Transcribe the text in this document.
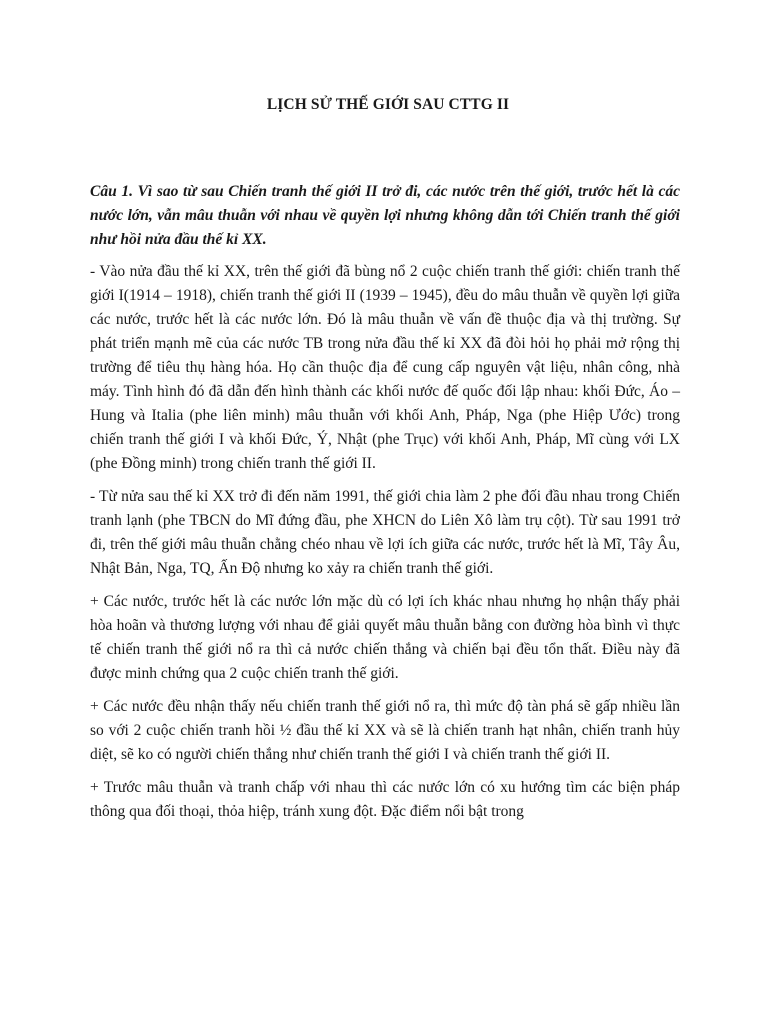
LỊCH SỬ THẾ GIỚI SAU CTTG II

Câu 1. Vì sao từ sau Chiến tranh thế giới II trở đi, các nước trên thế giới, trước hết là các nước lớn, vẫn mâu thuẫn với nhau về quyền lợi nhưng không dẫn tới Chiến tranh thế giới như hồi nửa đầu thế kỉ XX.

- Vào nửa đầu thế kỉ XX, trên thế giới đã bùng nổ 2 cuộc chiến tranh thế giới: chiến tranh thế giới I(1914 – 1918), chiến tranh thế giới II (1939 – 1945), đều do mâu thuẫn về quyền lợi giữa các nước, trước hết là các nước lớn. Đó là mâu thuẫn về vấn đề thuộc địa và thị trường. Sự phát triển mạnh mẽ của các nước TB trong nửa đầu thế kỉ XX đã đòi hỏi họ phải mở rộng thị trường để tiêu thụ hàng hóa. Họ cần thuộc địa để cung cấp nguyên vật liệu, nhân công, nhà máy. Tình hình đó đã dẫn đến hình thành các khối nước đế quốc đối lập nhau: khối Đức, Áo – Hung và Italia (phe liên minh) mâu thuẫn với khối Anh, Pháp, Nga (phe Hiệp Ước) trong chiến tranh thế giới I và khối Đức, Ý, Nhật (phe Trục) với khối Anh, Pháp, Mĩ cùng với LX (phe Đồng minh) trong chiến tranh thế giới II.

- Từ nửa sau thế kỉ XX trở đi đến năm 1991, thế giới chia làm 2 phe đối đầu nhau trong Chiến tranh lạnh (phe TBCN do Mĩ đứng đầu, phe XHCN do Liên Xô làm trụ cột). Từ sau 1991 trở đi, trên thế giới mâu thuẫn chằng chéo nhau về lợi ích giữa các nước, trước hết là Mĩ, Tây Âu, Nhật Bản, Nga, TQ, Ấn Độ nhưng ko xảy ra chiến tranh thế giới.

+ Các nước, trước hết là các nước lớn mặc dù có lợi ích khác nhau nhưng họ nhận thấy phải hòa hoãn và thương lượng với nhau để giải quyết mâu thuẫn bằng con đường hòa bình vì thực tế chiến tranh thế giới nổ ra thì cả nước chiến thắng và chiến bại đều tổn thất. Điều này đã được minh chứng qua 2 cuộc chiến tranh thế giới.

+ Các nước đều nhận thấy nếu chiến tranh thế giới nổ ra, thì mức độ tàn phá sẽ gấp nhiều lần so với 2 cuộc chiến tranh hồi ½ đầu thế kỉ XX và sẽ là chiến tranh hạt nhân, chiến tranh hủy diệt, sẽ ko có người chiến thắng như chiến tranh thế giới I và chiến tranh thế giới II.

+ Trước mâu thuẫn và tranh chấp với nhau thì các nước lớn có xu hướng tìm các biện pháp thông qua đối thoại, thỏa hiệp, tránh xung đột. Đặc điểm nổi bật trong
